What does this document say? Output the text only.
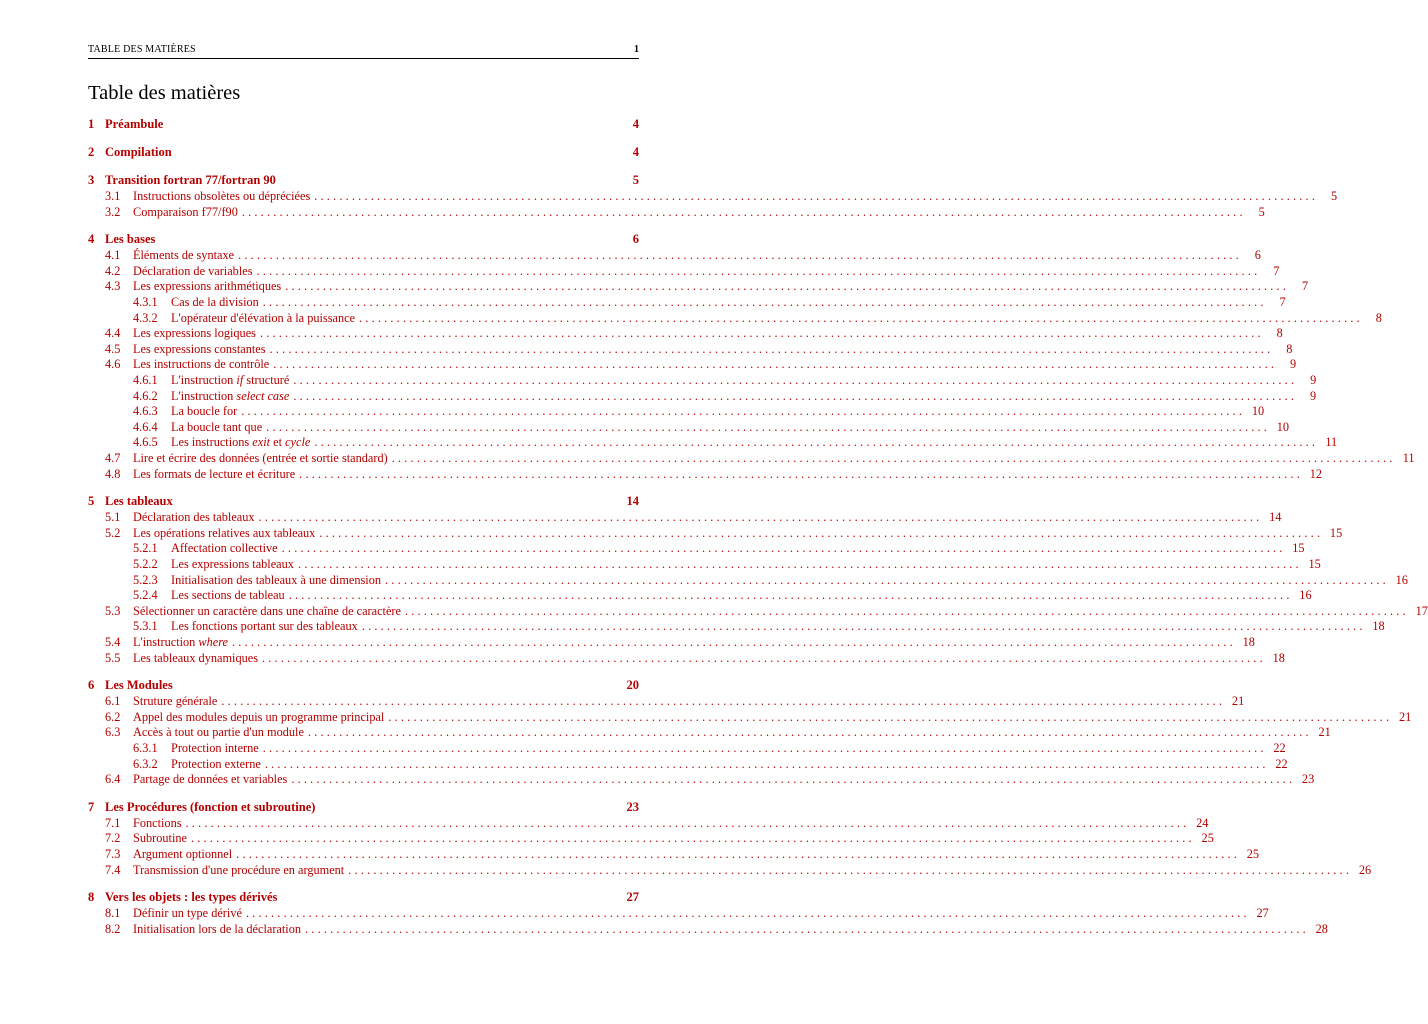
TABLE DES MATIÈRES	1
Table des matières
1 Préambule	4
2 Compilation	4
3 Transition fortran 77/fortran 90	5
3.1	Instructions obsolètes ou dépréciées ................................................................................................................................................................	5
3.2	Comparaison f77/f90 ................................................................................................................................................................	5
4 Les bases	6
4.1	Éléments de syntaxe ................................................................................................................................................................	6
4.2	Déclaration de variables ................................................................................................................................................................	7
4.3	Les expressions arithmétiques ................................................................................................................................................................	7
4.3.1	Cas de la division ................................................................................................................................................................	7
4.3.2	L'opérateur d'élévation à la puissance ................................................................................................................................................................	8
4.4	Les expressions logiques ................................................................................................................................................................	8
4.5	Les expressions constantes ................................................................................................................................................................	8
4.6	Les instructions de contrôle ................................................................................................................................................................	9
4.6.1	L'instruction if structuré ................................................................................................................................................................	9
4.6.2	L'instruction select case ................................................................................................................................................................	9
4.6.3	La boucle for ................................................................................................................................................................ 10
4.6.4	La boucle tant que ................................................................................................................................................................ 10
4.6.5	Les instructions exit et cycle ................................................................................................................................................................ 11
4.7	Lire et écrire des données (entrée et sortie standard) ................................................................................................................................................................ 11
4.8	Les formats de lecture et écriture ................................................................................................................................................................ 12
5 Les tableaux	14
5.1	Déclaration des tableaux ................................................................................................................................................................ 14
5.2	Les opérations relatives aux tableaux ................................................................................................................................................................ 15
5.2.1	Affectation collective ................................................................................................................................................................ 15
5.2.2	Les expressions tableaux ................................................................................................................................................................ 15
5.2.3	Initialisation des tableaux à une dimension ................................................................................................................................................................ 16
5.2.4	Les sections de tableau ................................................................................................................................................................ 16
5.3	Sélectionner un caractère dans une chaîne de caractère ................................................................................................................................................................ 17
5.3.1	Les fonctions portant sur des tableaux ................................................................................................................................................................ 18
5.4	L'instruction where ................................................................................................................................................................ 18
5.5	Les tableaux dynamiques ................................................................................................................................................................ 18
6 Les Modules	20
6.1	Struture générale ................................................................................................................................................................ 21
6.2	Appel des modules depuis un programme principal ................................................................................................................................................................ 21
6.3	Accès à tout ou partie d'un module ................................................................................................................................................................ 21
6.3.1	Protection interne ................................................................................................................................................................ 22
6.3.2	Protection externe ................................................................................................................................................................ 22
6.4	Partage de données et variables ................................................................................................................................................................ 23
7 Les Procédures (fonction et subroutine)	23
7.1	Fonctions ................................................................................................................................................................ 24
7.2	Subroutine ................................................................................................................................................................ 25
7.3	Argument optionnel ................................................................................................................................................................ 25
7.4	Transmission d'une procédure en argument ................................................................................................................................................................ 26
8 Vers les objets : les types dérivés	27
8.1	Définir un type dérivé ................................................................................................................................................................ 27
8.2	Initialisation lors de la déclaration ................................................................................................................................................................ 28
